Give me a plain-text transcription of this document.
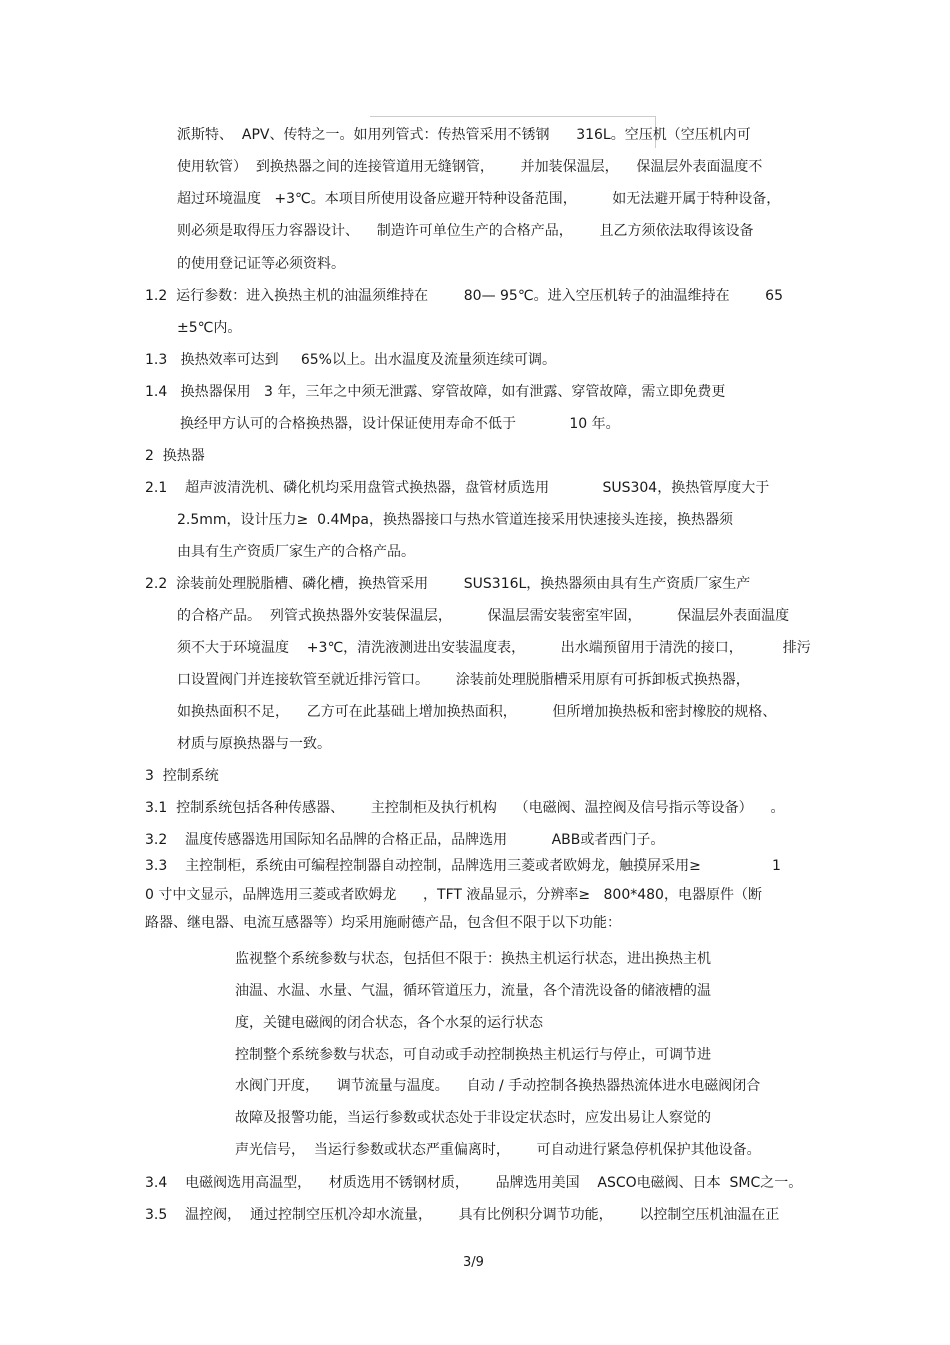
派斯特、  APV、传特之一。如用列管式：传热管采用不锈钢      316L。空压机（空压机内可
使用软管）  到换热器之间的连接管道用无缝钢管，      并加装保温层，    保温层外表面温度不
超过环境温度   +3℃。本项目所使用设备应避开特种设备范围，        如无法避开属于特种设备，
则必须是取得压力容器设计、    制造许可单位生产的合格产品，      且乙方须依法取得该设备
的使用登记证等必须资料。
1.2  运行参数：进入换热主机的油温须维持在        80— 95℃。进入空压机转子的油温维持在        65
±5℃内。
1.3   换热效率可达到     65%以上。出水温度及流量须连续可调。
1.4   换热器保用   3 年，三年之中须无泄露、穿管故障，如有泄露、穿管故障，需立即免费更
换经甲方认可的合格换热器，设计保证使用寿命不低于            10 年。
2  换热器
2.1    超声波清洗机、磷化机均采用盘管式换热器，盘管材质选用            SUS304，换热管厚度大于
2.5mm，设计压力≥  0.4Mpa，换热器接口与热水管道连接采用快速接头连接，换热器须
由具有生产资质厂家生产的合格产品。
2.2  涂装前处理脱脂槽、磷化槽，换热管采用        SUS316L，换热器须由具有生产资质厂家生产
的合格产品。  列管式换热器外安装保温层，        保温层需安装密室牢固，        保温层外表面温度
须不大于环境温度    +3℃，清洗液测进出安装温度表，        出水端预留用于清洗的接口，         排污
口设置阀门并连接软管至就近排污管口。      涂装前处理脱脂槽采用原有可拆卸板式换热器，
如换热面积不足，    乙方可在此基础上增加换热面积，        但所增加换热板和密封橡胶的规格、
材质与原换热器与一致。
3  控制系统
3.1  控制系统包括各种传感器、      主控制柜及执行机构    （电磁阀、温控阀及信号指示等设备）    。
3.2    温度传感器选用国际知名品牌的合格正品，品牌选用          ABB或者西门子。
3.3    主控制柜，系统由可编程控制器自动控制，品牌选用三菱或者欧姆龙，触摸屏采用≥                1
0 寸中文显示，品牌选用三菱或者欧姆龙      ，TFT 液晶显示，分辨率≥   800*480，电器原件（断
路器、继电器、电流互感器等）均采用施耐德产品，包含但不限于以下功能：
监视整个系统参数与状态，包括但不限于：换热主机运行状态，进出换热主机
油温、水温、水量、气温，循环管道压力，流量，各个清洗设备的储液槽的温
度，关键电磁阀的闭合状态，各个水泵的运行状态
控制整个系统参数与状态，可自动或手动控制换热主机运行与停止，可调节进
水阀门开度，    调节流量与温度。    自动 / 手动控制各换热器热流体进水电磁阀闭合
故障及报警功能，当运行参数或状态处于非设定状态时，应发出易让人察觉的
声光信号，  当运行参数或状态严重偏离时，      可自动进行紧急停机保护其他设备。
3.4    电磁阀选用高温型，    材质选用不锈钢材质，      品牌选用美国    ASCO电磁阀、日本  SMC之一。
3.5    温控阀，  通过控制空压机冷却水流量，      具有比例积分调节功能，      以控制空压机油温在正
3/9
